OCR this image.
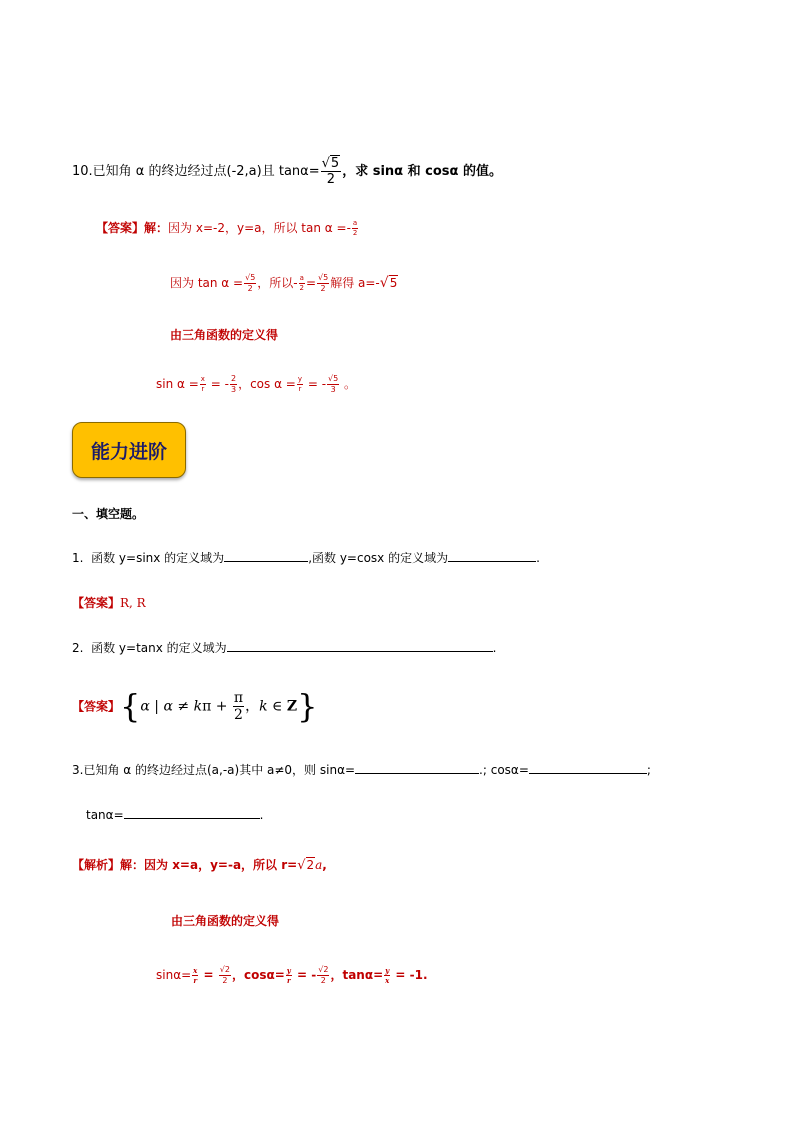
10.已知角 α 的终边经过点(-2,a)且 $\tan\alpha= \frac{√5}{2}$ ，求 sinα 和 cosα 的值。
【答案】解：因为 x=-2，y=a，所以 $\tan \alpha =- \frac{a}{2}$
因为 $\tan \alpha = \frac{√5}{2}$ ，所以- $\frac{a}{2} = \frac{√5}{2}$ 解得 a=-√5
由三角函数的定义得
$\sin \alpha = \frac{x}{r}$ = - $\frac{2}{3}$ ，$\cos \alpha = \frac{y}{r}$ = - $\frac{√5}{3}$ 。
能力进阶
一、填空题。
1. 函数 y=sinx 的定义域为	,函数 y=cosx 的定义域为	.
【答案】R, R
2. 函数 y=tanx 的定义域为	.
【答案】{α | $\alpha \ne k\pi + \frac{\pi}{2}$ ，k ∈ Z}
3.已知角 α 的终边经过点(a,-a)其中 a≠0，则 sinα=	.; cosα=	;
tanα=	.
【解析】解：因为 x=a，y=-a，所以 r=√2a,
由三角函数的定义得
$\sin\alpha= \frac{x}{r} = \frac{√2}{2}$ ，$\cos\alpha= \frac{y}{r}$ = - $\frac{√2}{2}$ ，$\tan\alpha= \frac{y}{x} = -1$.
